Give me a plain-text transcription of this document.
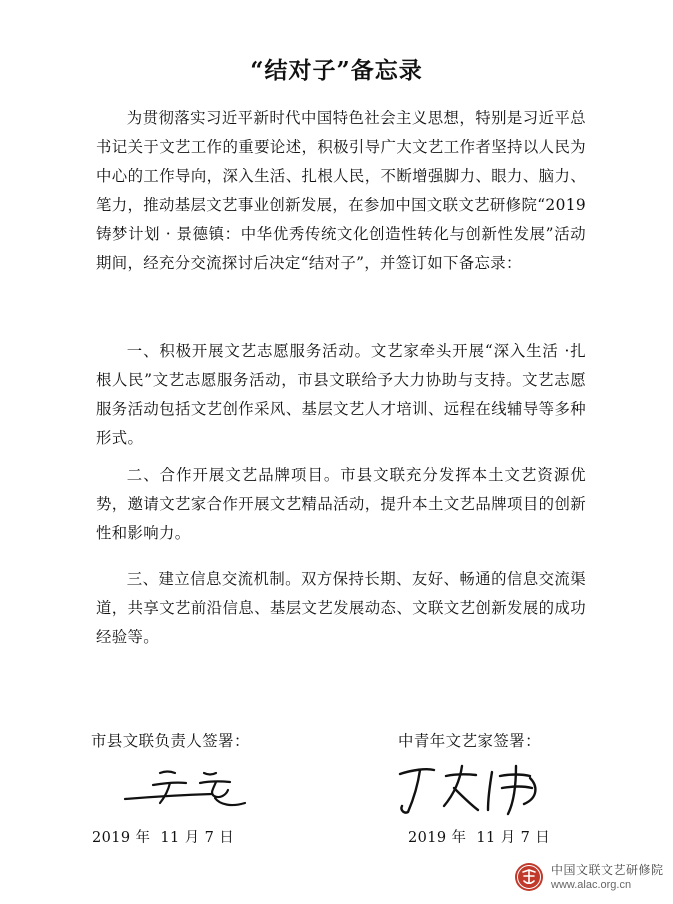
“结对子”备忘录

为贯彻落实习近平新时代中国特色社会主义思想，特别是习近平总书记关于文艺工作的重要论述，积极引导广大文艺工作者坚持以人民为中心的工作导向，深入生活、扎根人民，不断增强脚力、眼力、脑力、笔力，推动基层文艺事业创新发展，在参加中国文联文艺研修院“2019 铸梦计划 · 景德镇：中华优秀传统文化创造性转化与创新性发展”活动期间，经充分交流探讨后决定“结对子”，并签订如下备忘录：

一、积极开展文艺志愿服务活动。文艺家牵头开展“深入生活 ·扎根人民”文艺志愿服务活动，市县文联给予大力协助与支持。文艺志愿服务活动包括文艺创作采风、基层文艺人才培训、远程在线辅导等多种形式。

二、合作开展文艺品牌项目。市县文联充分发挥本土文艺资源优势，邀请文艺家合作开展文艺精品活动，提升本土文艺品牌项目的创新性和影响力。

三、建立信息交流机制。双方保持长期、友好、畅通的信息交流渠道，共享文艺前沿信息、基层文艺发展动态、文联文艺创新发展的成功经验等。

市县文联负责人签署：	中青年文艺家签署：
2019 年  11 月 7 日	2019 年  11 月 7 日
中国文联文艺研修院
www.alac.org.cn
